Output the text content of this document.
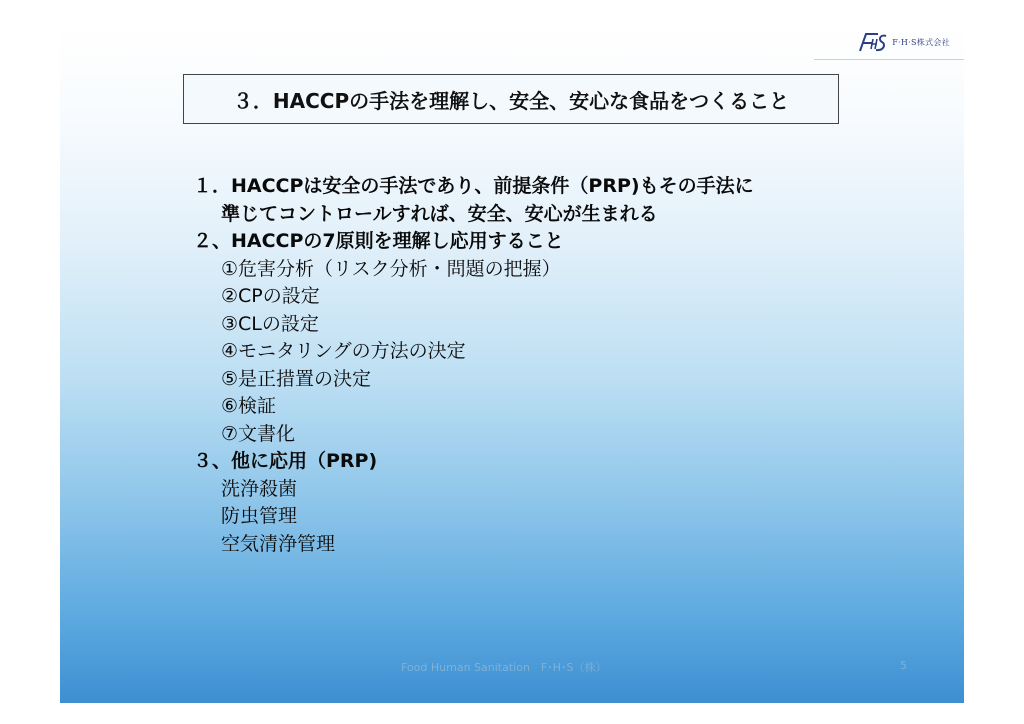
F·H·S株式会社
３．HACCPの手法を理解し、安全、安心な食品をつくること
１．HACCPは安全の手法であり、前提条件（PRP)もその手法に
準じてコントロールすれば、安全、安心が生まれる
２、HACCPの7原則を理解し応用すること
①危害分析（リスク分析・問題の把握）
②CPの設定
③CLの設定
④モニタリングの方法の決定
⑤是正措置の決定
⑥検証
⑦文書化
３、他に応用（PRP)
洗浄殺菌
防虫管理
空気清浄管理
Food Human Sanitation　F･H･S（株）	5
